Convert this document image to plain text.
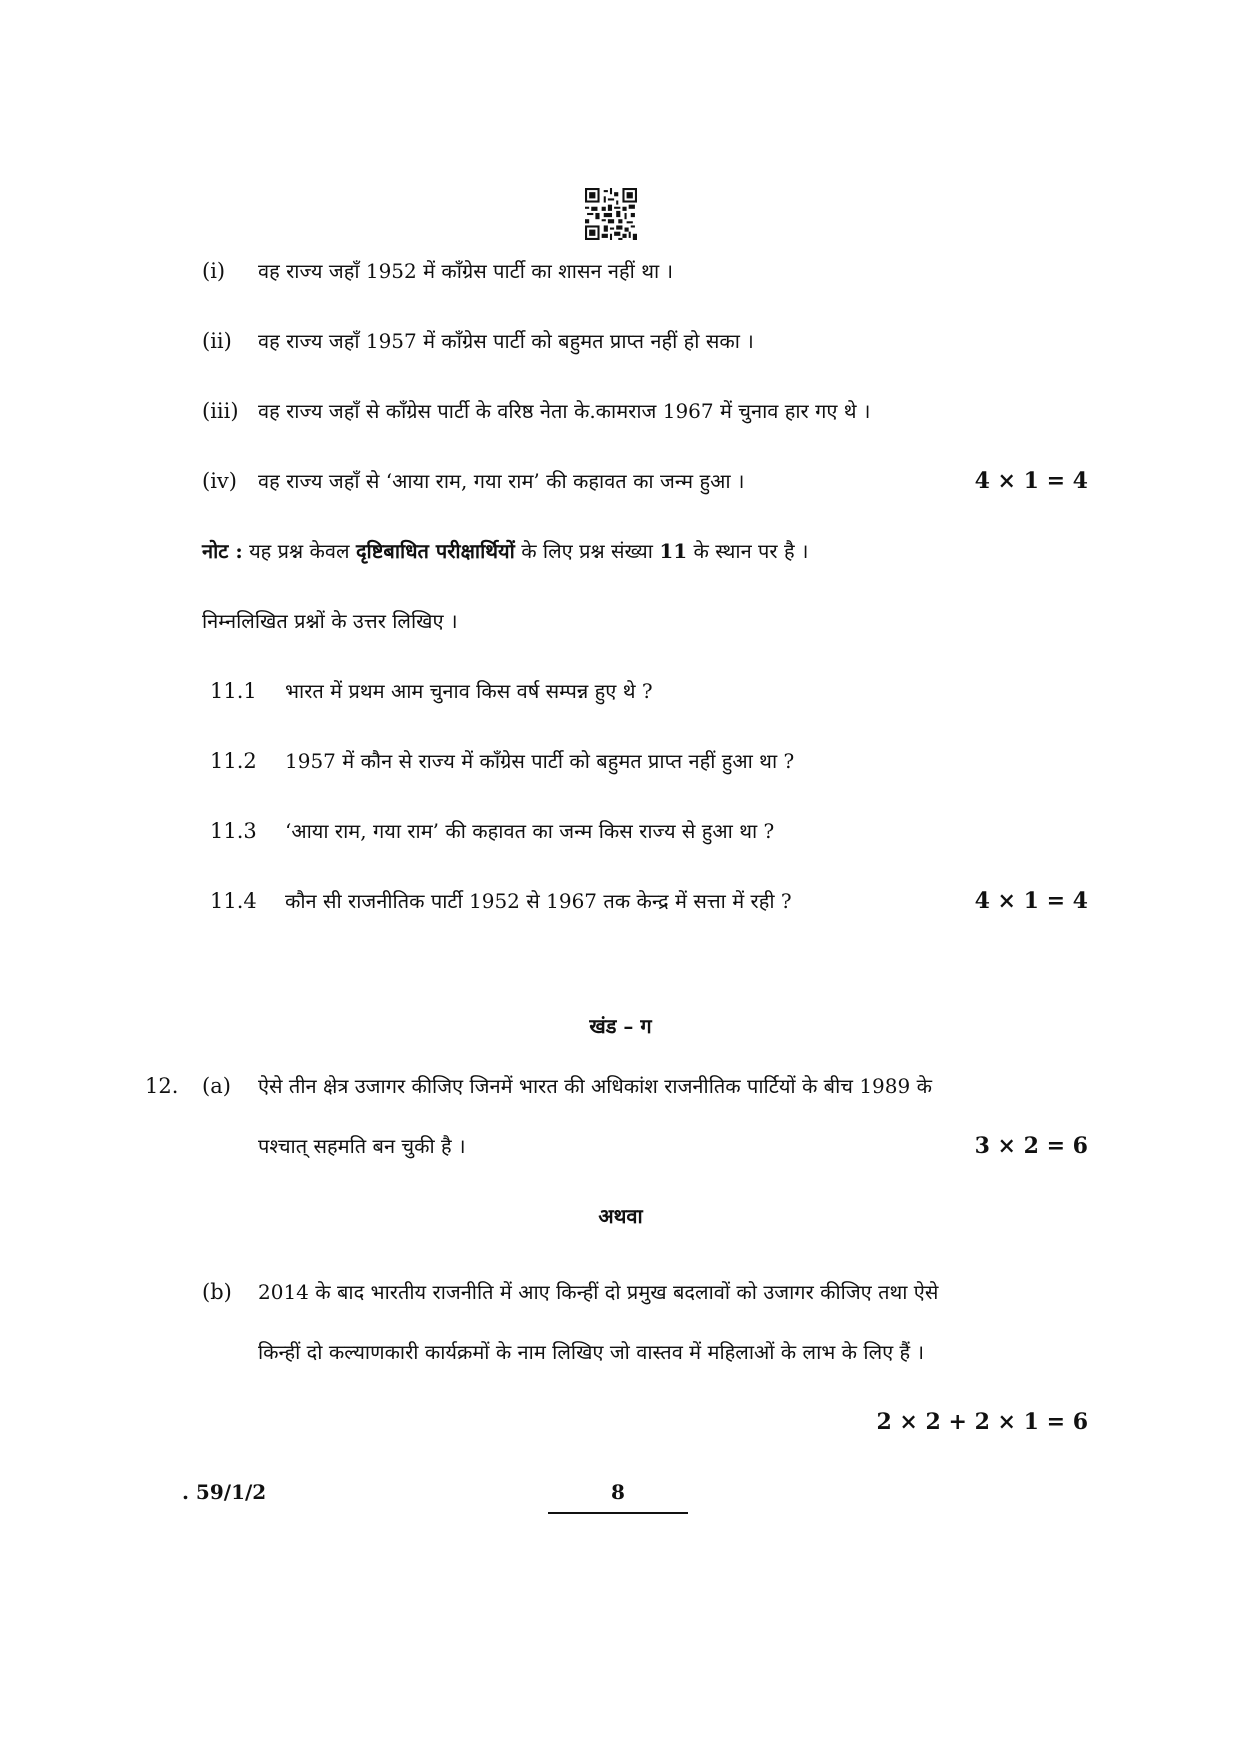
(i) वह राज्य जहाँ 1952 में काँग्रेस पार्टी का शासन नहीं था ।
(ii) वह राज्य जहाँ 1957 में काँग्रेस पार्टी को बहुमत प्राप्त नहीं हो सका ।
(iii) वह राज्य जहाँ से काँग्रेस पार्टी के वरिष्ठ नेता के.कामराज 1967 में चुनाव हार गए थे ।
(iv) वह राज्य जहाँ से ‘आया राम, गया राम’ की कहावत का जन्म हुआ ।	4 × 1 = 4
नोट : यह प्रश्न केवल दृष्टिबाधित परीक्षार्थियों के लिए प्रश्न संख्या 11 के स्थान पर है ।
निम्नलिखित प्रश्नों के उत्तर लिखिए ।
11.1 भारत में प्रथम आम चुनाव किस वर्ष सम्पन्न हुए थे ?
11.2 1957 में कौन से राज्य में काँग्रेस पार्टी को बहुमत प्राप्त नहीं हुआ था ?
11.3 ‘आया राम, गया राम’ की कहावत का जन्म किस राज्य से हुआ था ?
11.4 कौन सी राजनीतिक पार्टी 1952 से 1967 तक केन्द्र में सत्ता में रही ?	4 × 1 = 4
खंड – ग
12. (a) ऐसे तीन क्षेत्र उजागर कीजिए जिनमें भारत की अधिकांश राजनीतिक पार्टियों के बीच 1989 के
पश्चात् सहमति बन चुकी है ।	3 × 2 = 6
अथवा
(b) 2014 के बाद भारतीय राजनीति में आए किन्हीं दो प्रमुख बदलावों को उजागर कीजिए तथा ऐसे
किन्हीं दो कल्याणकारी कार्यक्रमों के नाम लिखिए जो वास्तव में महिलाओं के लाभ के लिए हैं ।
2 × 2 + 2 × 1 = 6
. 59/1/2	8
